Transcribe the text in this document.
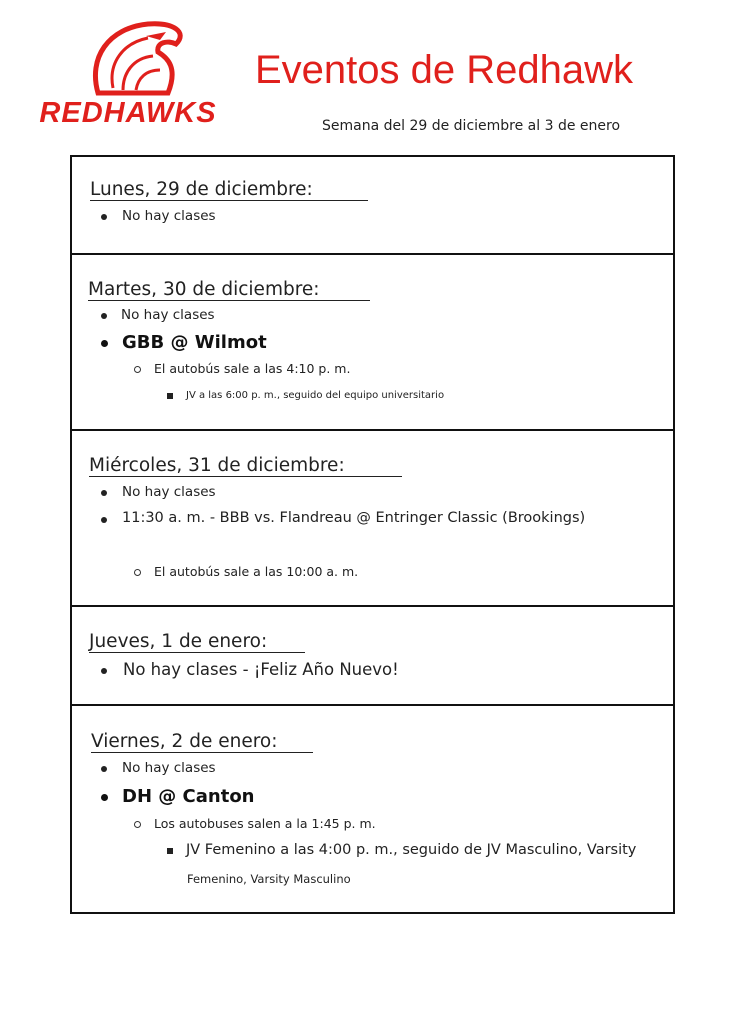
REDHAWKS
Eventos de Redhawk
Semana del 29 de diciembre al 3 de enero
Lunes, 29 de diciembre:
No hay clases
Martes, 30 de diciembre:
No hay clases
GBB @ Wilmot
El autobús sale a las 4:10 p. m.
JV a las 6:00 p. m., seguido del equipo universitario
Miércoles, 31 de diciembre:
No hay clases
11:30 a. m. - BBB vs. Flandreau @ Entringer Classic (Brookings)
El autobús sale a las 10:00 a. m.
Jueves, 1 de enero:
No hay clases - ¡Feliz Año Nuevo!
Viernes, 2 de enero:
No hay clases
DH @ Canton
Los autobuses salen a la 1:45 p. m.
JV Femenino a las 4:00 p. m., seguido de JV Masculino, Varsity
Femenino, Varsity Masculino
